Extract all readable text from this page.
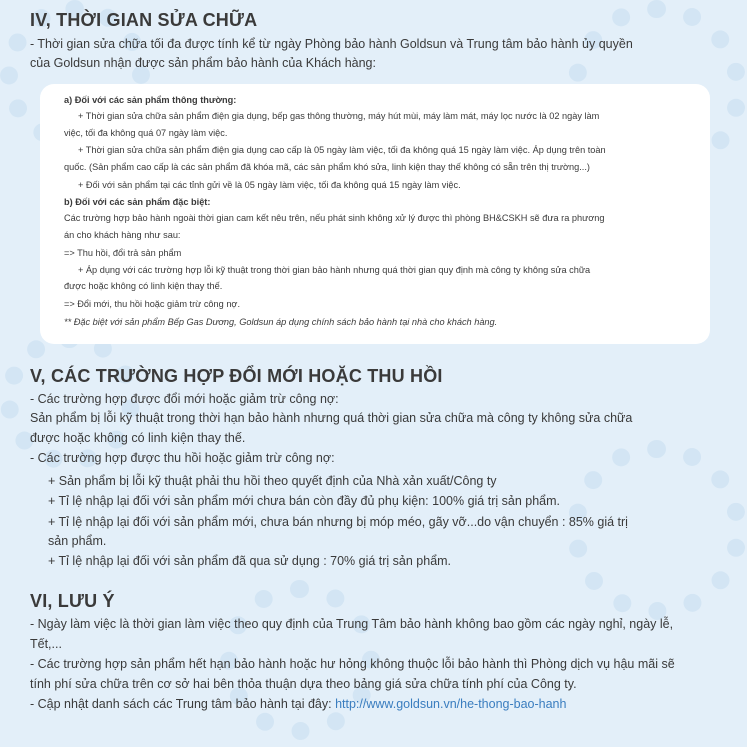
IV, THỜI GIAN SỬA CHỮA
- Thời gian sửa chữa tối đa được tính kể từ ngày Phòng bảo hành Goldsun và Trung tâm bảo hành ủy quyền
của Goldsun nhận được sản phẩm bảo hành của Khách hàng:
a) Đối với các sản phẩm thông thường:
+ Thời gian sửa chữa sản phẩm điện gia dụng, bếp gas thông thường, máy hút mùi, máy làm mát, máy lọc nước là 02 ngày làm
việc, tối đa không quá 07 ngày làm việc.
+ Thời gian sửa chữa sản phẩm điện gia dụng cao cấp là 05 ngày làm việc, tối đa không quá 15 ngày làm việc. Áp dụng trên toàn
quốc. (Sản phẩm cao cấp là các sản phẩm đã khóa mã, các sản phẩm khó sửa, linh kiện thay thế không có sẵn trên thị trường...)
+ Đối với sản phẩm tại các tỉnh gửi về là 05 ngày làm việc, tối đa không quá 15 ngày làm việc.
b) Đối với các sản phẩm đặc biệt:
Các trường hợp bảo hành ngoài thời gian cam kết nêu trên, nếu phát sinh không xử lý được thì phòng BH&CSKH sẽ đưa ra phương
án cho khách hàng như sau:
=> Thu hồi, đổi trả sản phẩm
+ Áp dụng với các trường hợp lỗi kỹ thuật trong thời gian bảo hành nhưng quá thời gian quy định mà công ty không sửa chữa
được hoặc không có linh kiện thay thế.
=> Đổi mới, thu hồi hoặc giảm trừ công nợ.
** Đặc biệt với sản phẩm Bếp Gas Dương, Goldsun áp dụng chính sách bảo hành tại nhà cho khách hàng.
V, CÁC TRƯỜNG HỢP ĐỔI MỚI HOẶC THU HỒI
- Các trường hợp được đổi mới hoặc giảm trừ công nợ:
Sản phẩm bị lỗi kỹ thuật trong thời hạn bảo hành nhưng quá thời gian sửa chữa mà công ty không sửa chữa
được hoặc không có linh kiện thay thế.
- Các trường hợp được thu hồi hoặc giảm trừ công nợ:
+ Sản phẩm bị lỗi kỹ thuật phải thu hồi theo quyết định của Nhà xản xuất/Công ty
+ Tỉ lệ nhập lại đối với sản phẩm mới chưa bán còn đầy đủ phụ kiện: 100% giá trị sản phẩm.
+ Tỉ lệ nhập lại đối với sản phẩm mới, chưa bán nhưng bị móp méo, gãy vỡ...do vận chuyển : 85% giá trị
sản phẩm.
+ Tỉ lệ nhập lại đối với sản phẩm đã qua sử dụng : 70% giá trị sản phẩm.
VI, LƯU Ý
- Ngày làm việc là thời gian làm việc theo quy định của Trung Tâm bảo hành không bao gồm các ngày nghỉ, ngày lễ,
Tết,...
- Các trường hợp sản phẩm hết hạn bảo hành hoặc hư hỏng không thuộc lỗi bảo hành thì Phòng dịch vụ hậu mãi sẽ
tính phí sửa chữa trên cơ sở hai bên thỏa thuận dựa theo bảng giá sửa chữa tính phí của Công ty.
- Cập nhật danh sách các Trung tâm bảo hành tại đây: http://www.goldsun.vn/he-thong-bao-hanh
